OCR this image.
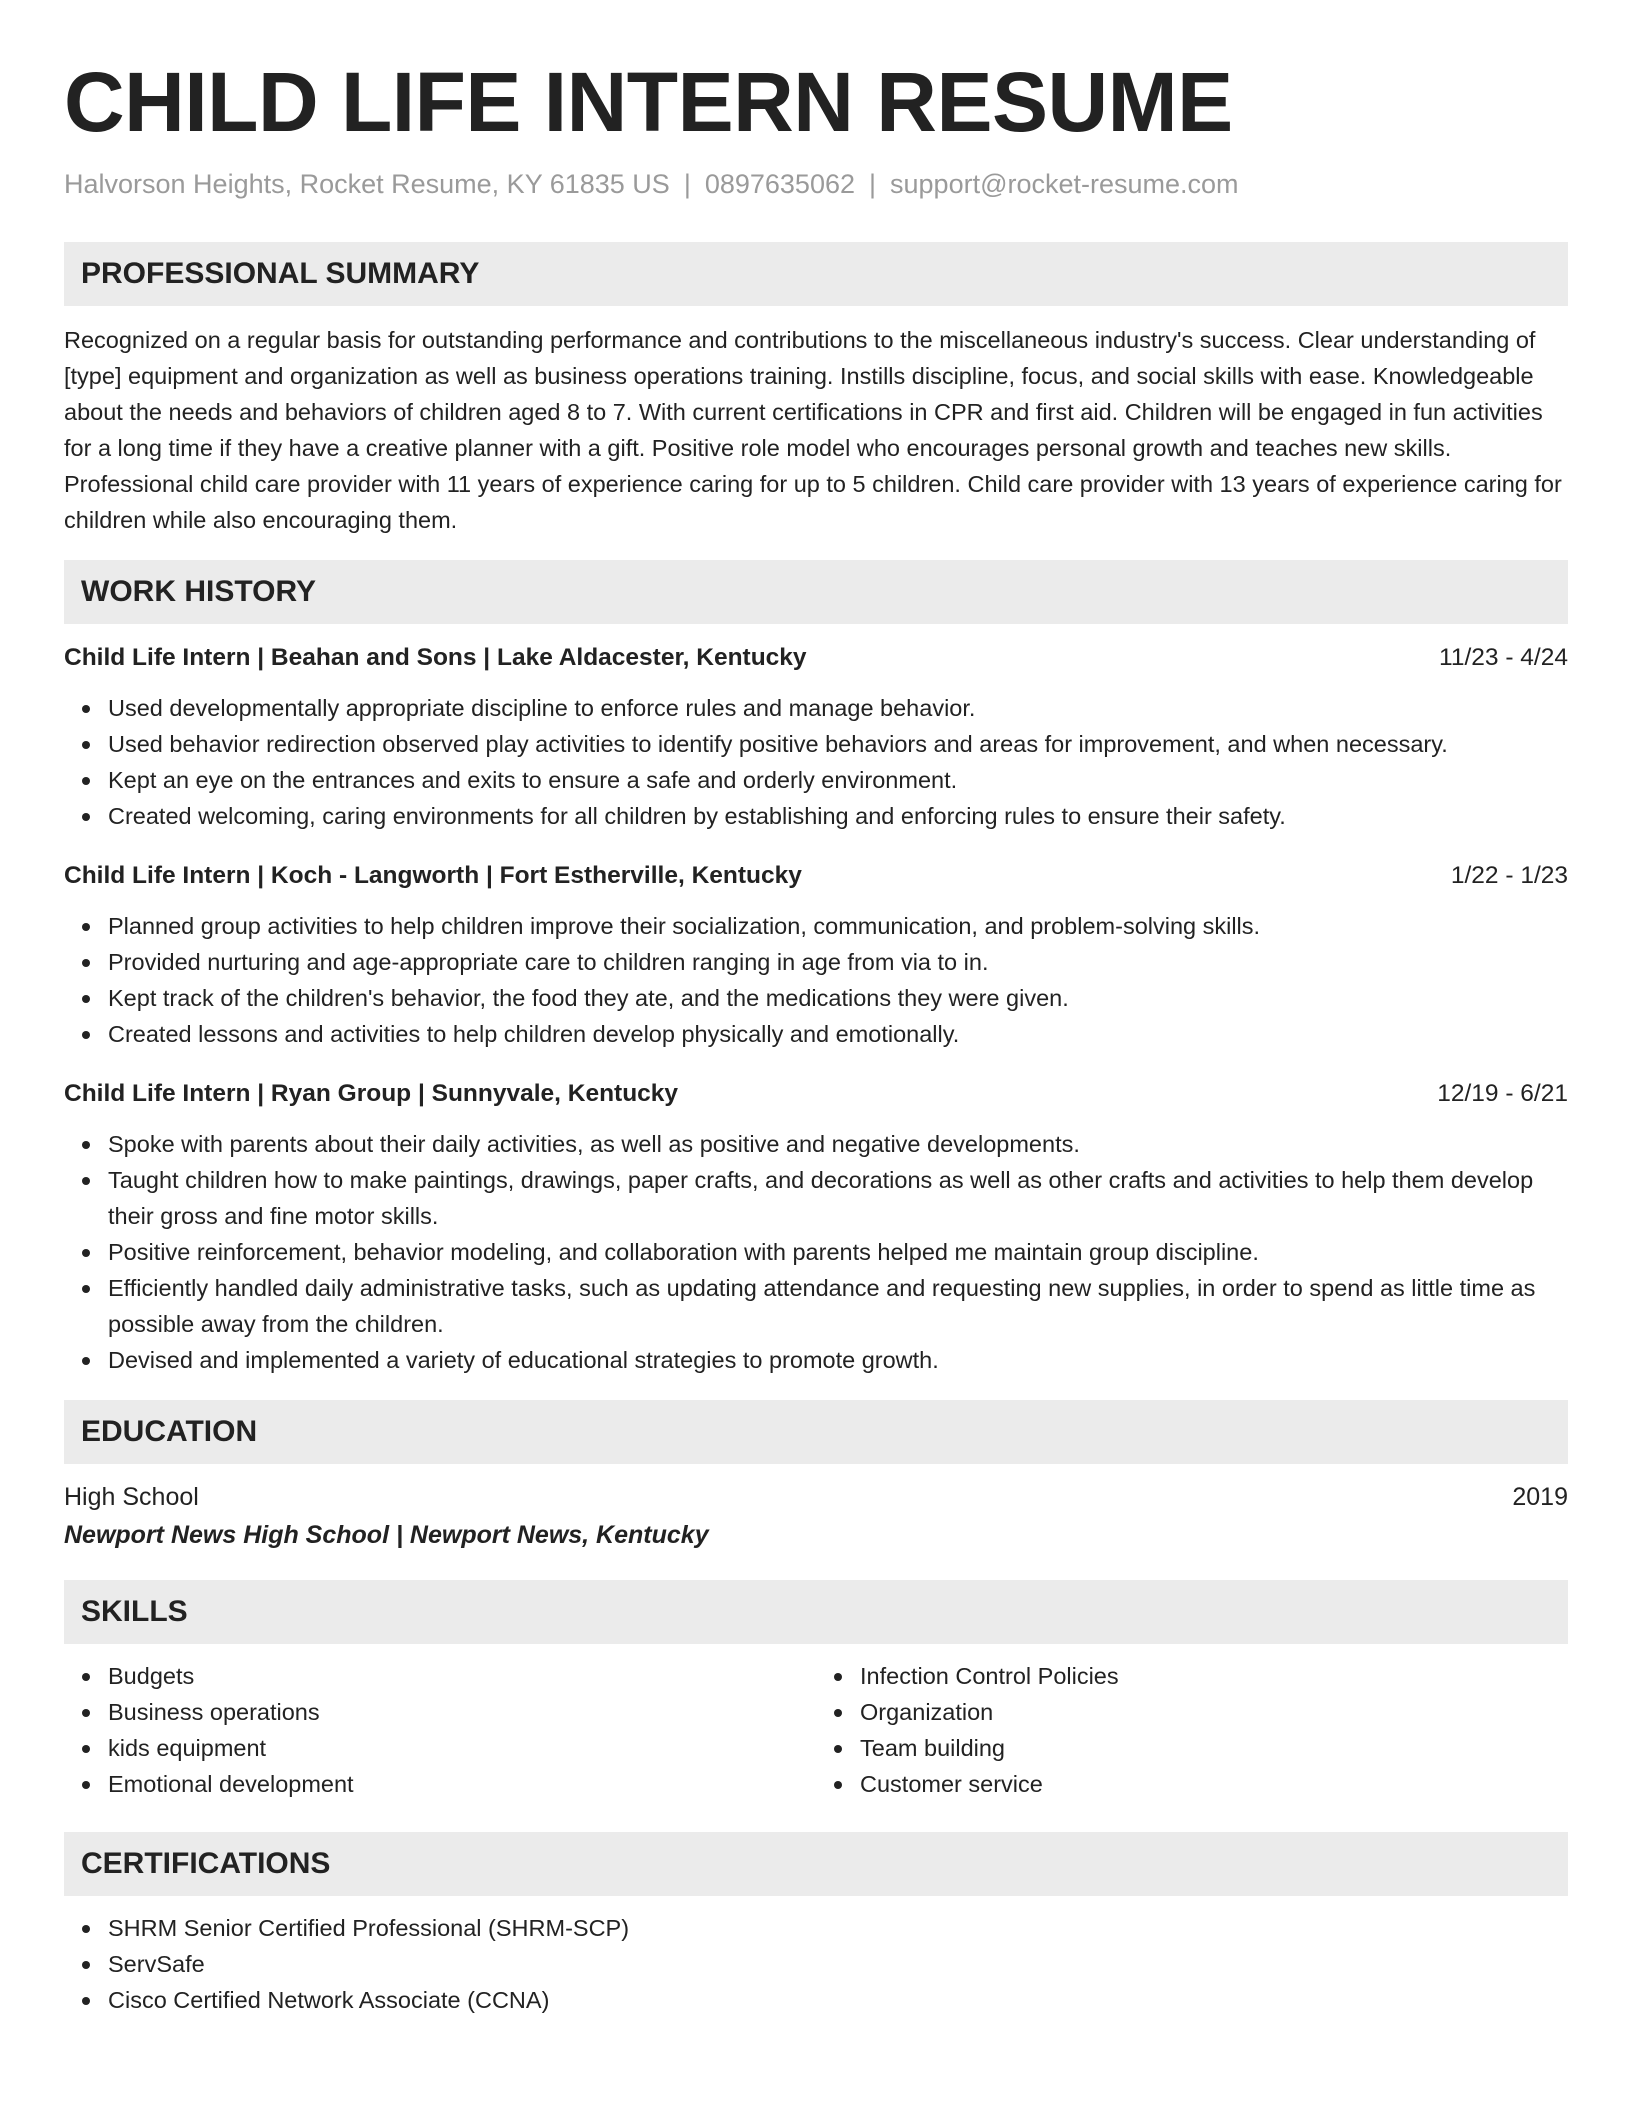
CHILD LIFE INTERN RESUME
Halvorson Heights, Rocket Resume, KY 61835 US | 0897635062 | support@rocket-resume.com
PROFESSIONAL SUMMARY

Recognized on a regular basis for outstanding performance and contributions to the miscellaneous industry's success. Clear understanding of [type] equipment and organization as well as business operations training. Instills discipline, focus, and social skills with ease. Knowledgeable about the needs and behaviors of children aged 8 to 7. With current certifications in CPR and first aid. Children will be engaged in fun activities for a long time if they have a creative planner with a gift. Positive role model who encourages personal growth and teaches new skills. Professional child care provider with 11 years of experience caring for up to 5 children. Child care provider with 13 years of experience caring for children while also encouraging them.

WORK HISTORY
Child Life Intern | Beahan and Sons | Lake Aldacester, Kentucky	11/23 - 4/24
Used developmentally appropriate discipline to enforce rules and manage behavior.
Used behavior redirection observed play activities to identify positive behaviors and areas for improvement, and when necessary.
Kept an eye on the entrances and exits to ensure a safe and orderly environment.
Created welcoming, caring environments for all children by establishing and enforcing rules to ensure their safety.
Child Life Intern | Koch - Langworth | Fort Estherville, Kentucky	1/22 - 1/23
Planned group activities to help children improve their socialization, communication, and problem-solving skills.
Provided nurturing and age-appropriate care to children ranging in age from via to in.
Kept track of the children's behavior, the food they ate, and the medications they were given.
Created lessons and activities to help children develop physically and emotionally.
Child Life Intern | Ryan Group | Sunnyvale, Kentucky	12/19 - 6/21
Spoke with parents about their daily activities, as well as positive and negative developments.
Taught children how to make paintings, drawings, paper crafts, and decorations as well as other crafts and activities to help them develop their gross and fine motor skills.
Positive reinforcement, behavior modeling, and collaboration with parents helped me maintain group discipline.
Efficiently handled daily administrative tasks, such as updating attendance and requesting new supplies, in order to spend as little time as possible away from the children.
Devised and implemented a variety of educational strategies to promote growth.
EDUCATION
High School	2019
Newport News High School | Newport News, Kentucky
SKILLS
Budgets
Business operations
kids equipment
Emotional development
Infection Control Policies
Organization
Team building
Customer service
CERTIFICATIONS
SHRM Senior Certified Professional (SHRM-SCP)
ServSafe
Cisco Certified Network Associate (CCNA)
